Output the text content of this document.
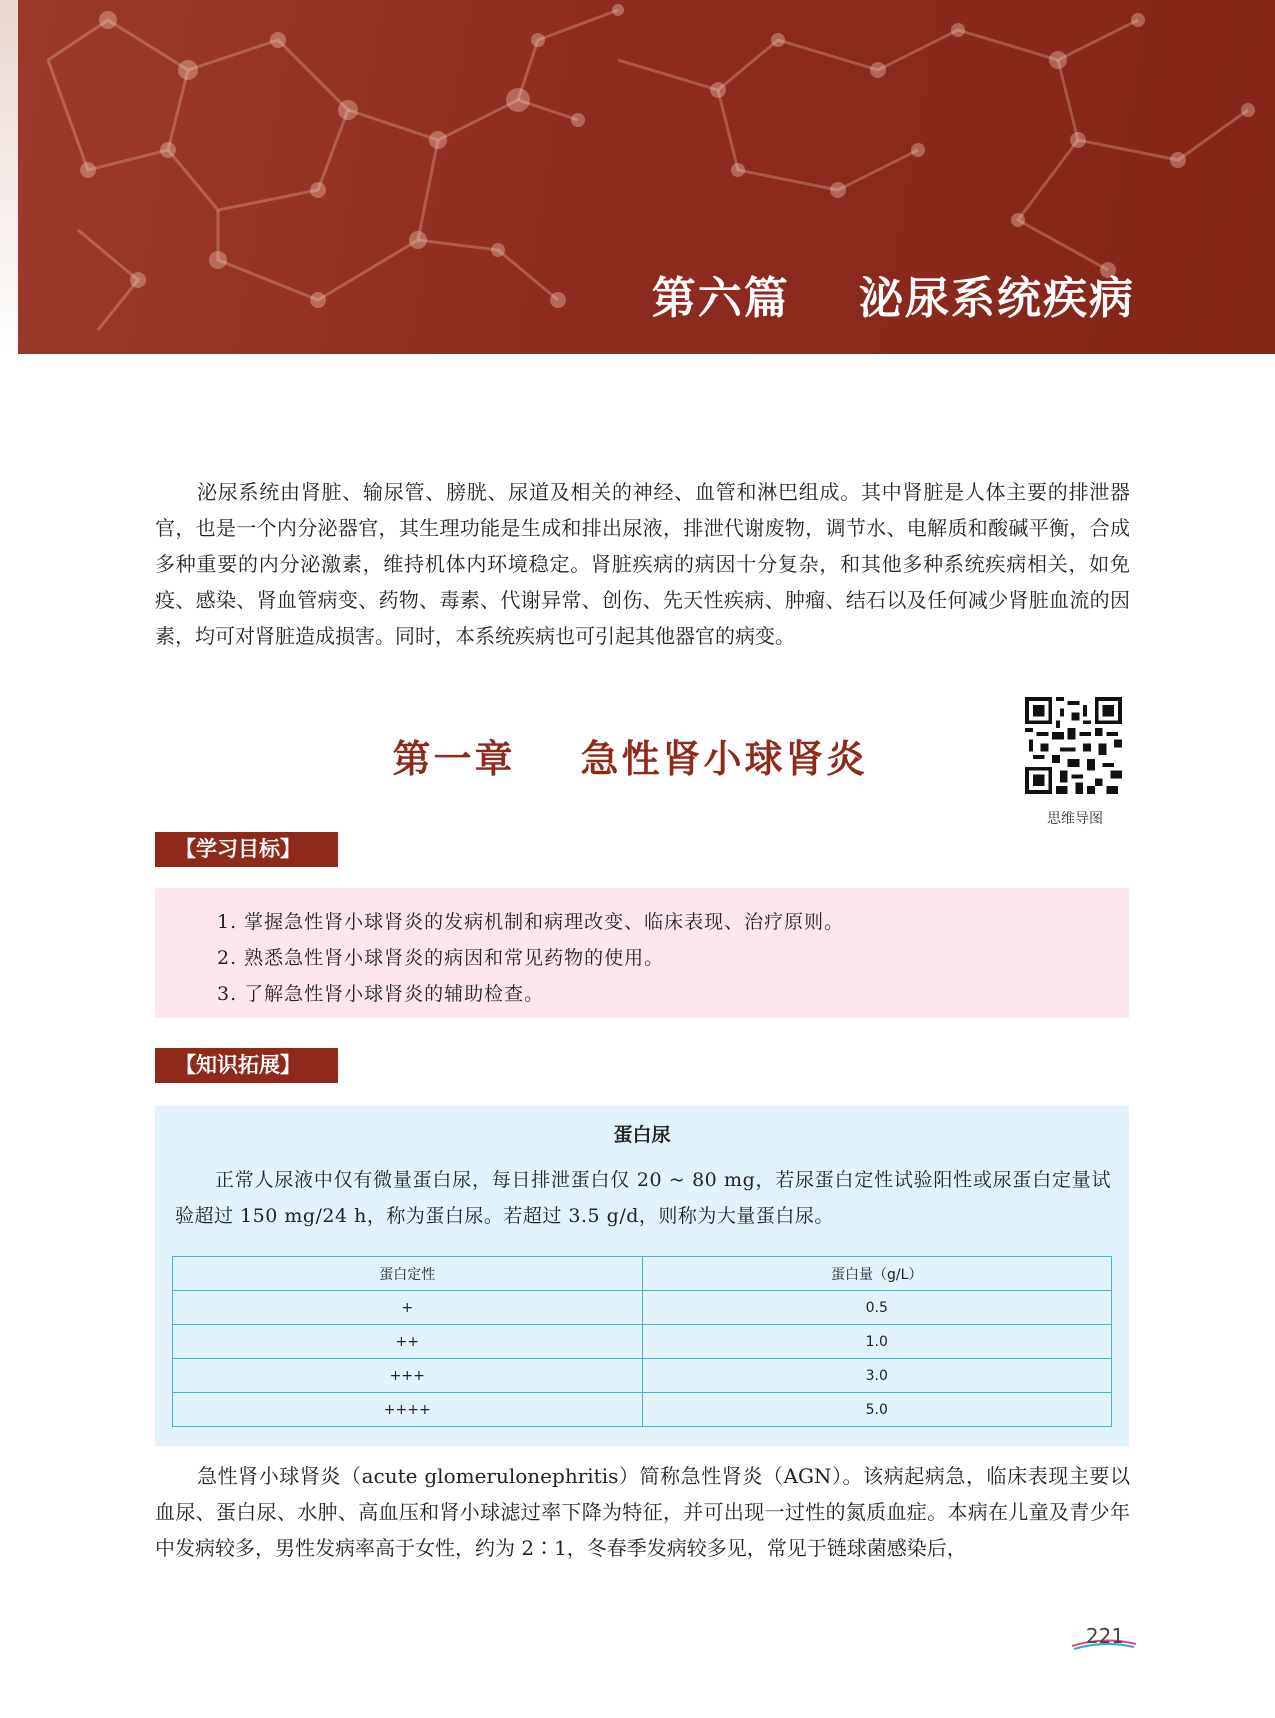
第六篇    泌尿系统疾病
泌尿系统由肾脏、输尿管、膀胱、尿道及相关的神经、血管和淋巴组成。其中肾脏是人体主要的排泄器官，也是一个内分泌器官，其生理功能是生成和排出尿液，排泄代谢废物，调节水、电解质和酸碱平衡，合成多种重要的内分泌激素，维持机体内环境稳定。肾脏疾病的病因十分复杂，和其他多种系统疾病相关，如免疫、感染、肾血管病变、药物、毒素、代谢异常、创伤、先天性疾病、肿瘤、结石以及任何减少肾脏血流的因素，均可对肾脏造成损害。同时，本系统疾病也可引起其他器官的病变。
第一章    急性肾小球肾炎
思维导图
【学习目标】
1. 掌握急性肾小球肾炎的发病机制和病理改变、临床表现、治疗原则。
2. 熟悉急性肾小球肾炎的病因和常见药物的使用。
3. 了解急性肾小球肾炎的辅助检查。
【知识拓展】
蛋白尿
正常人尿液中仅有微量蛋白尿，每日排泄蛋白仅 20 ~ 80 mg，若尿蛋白定性试验阳性或尿蛋白定量试验超过 150 mg/24 h，称为蛋白尿。若超过 3.5 g/d，则称为大量蛋白尿。
蛋白定性	蛋白量（g/L）
+	0.5
++	1.0
+++	3.0
++++	5.0
急性肾小球肾炎（acute glomerulonephritis）简称急性肾炎（AGN）。该病起病急，临床表现主要以血尿、蛋白尿、水肿、高血压和肾小球滤过率下降为特征，并可出现一过性的氮质血症。本病在儿童及青少年中发病较多，男性发病率高于女性，约为 2∶1，冬春季发病较多见，常见于链球菌感染后，
221
